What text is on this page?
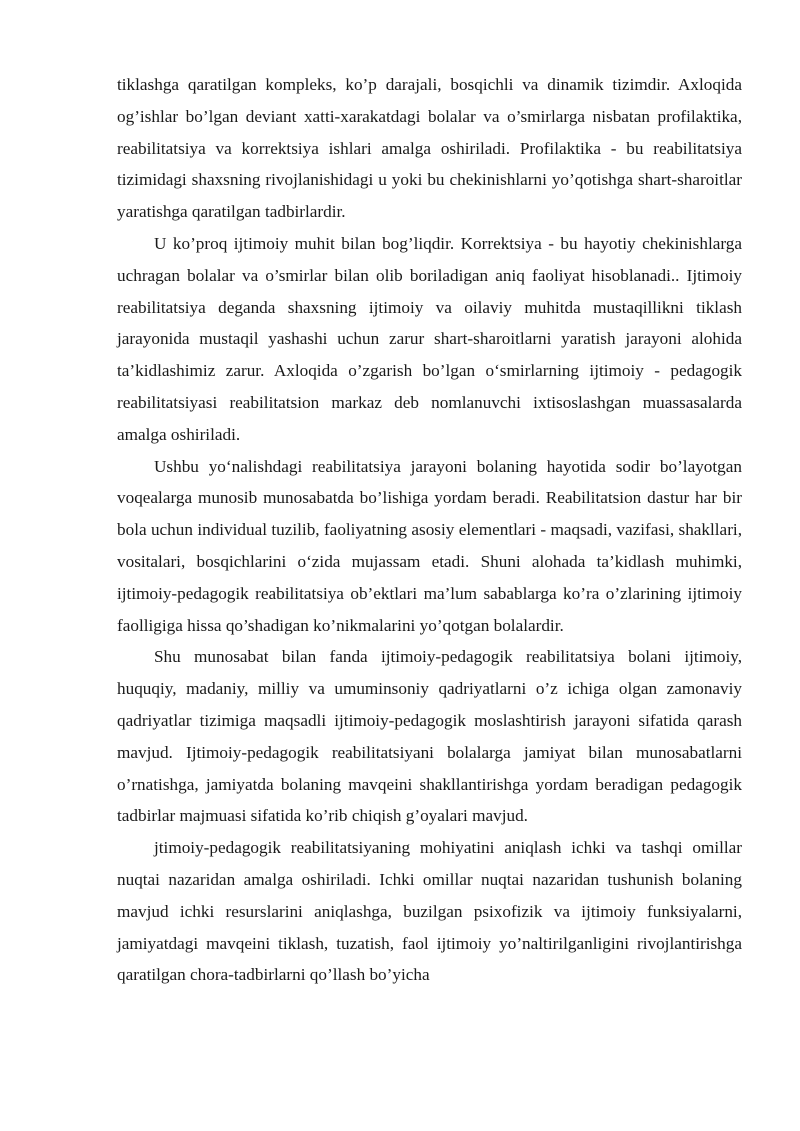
tiklashga qaratilgan kompleks, ko’p darajali, bosqichli va dinamik tizimdir. Axloqida og’ishlar bo’lgan deviant xatti-xarakatdagi bolalar va o’smirlarga nisbatan profilaktika, reabilitatsiya va korrektsiya ishlari amalga oshiriladi. Profilaktika - bu reabilitatsiya tizimidagi shaxsning rivojlanishidagi u yoki bu chekinishlarni yo’qotishga shart-sharoitlar yaratishga qaratilgan tadbirlardir.

U ko’proq ijtimoiy muhit bilan bog’liqdir. Korrektsiya - bu hayotiy chekinishlarga uchragan bolalar va o’smirlar bilan olib boriladigan aniq faoliyat hisoblanadi.. Ijtimoiy reabilitatsiya deganda shaxsning ijtimoiy va oilaviy muhitda mustaqillikni tiklash jarayonida mustaqil yashashi uchun zarur shart-sharoitlarni yaratish jarayoni alohida ta’kidlashimiz zarur. Axloqida o’zgarish bo’lgan o‘smirlarning ijtimoiy - pedagogik reabilitatsiyasi reabilitatsion markaz deb nomlanuvchi ixtisoslashgan muassasalarda amalga oshiriladi.

Ushbu yo‘nalishdagi reabilitatsiya jarayoni bolaning hayotida sodir bo’layotgan voqealarga munosib munosabatda bo’lishiga yordam beradi. Reabilitatsion dastur har bir bola uchun individual tuzilib, faoliyatning asosiy elementlari - maqsadi, vazifasi, shakllari, vositalari, bosqichlarini o‘zida mujassam etadi. Shuni alohada ta’kidlash muhimki, ijtimoiy-pedagogik reabilitatsiya ob’ektlari ma’lum sabablarga ko’ra o’zlarining ijtimoiy faolligiga hissa qo’shadigan ko’nikmalarini yo’qotgan bolalardir.

Shu munosabat bilan fanda ijtimoiy-pedagogik reabilitatsiya bolani ijtimoiy, huquqiy, madaniy, milliy va umuminsoniy qadriyatlarni o’z ichiga olgan zamonaviy qadriyatlar tizimiga maqsadli ijtimoiy-pedagogik moslashtirish jarayoni sifatida qarash mavjud. Ijtimoiy-pedagogik reabilitatsiyani bolalarga jamiyat bilan munosabatlarni o’rnatishga, jamiyatda bolaning mavqeini shakllantirishga yordam beradigan pedagogik tadbirlar majmuasi sifatida ko’rib chiqish g’oyalari mavjud.

jtimoiy-pedagogik reabilitatsiyaning mohiyatini aniqlash ichki va tashqi omillar nuqtai nazaridan amalga oshiriladi. Ichki omillar nuqtai nazaridan tushunish bolaning mavjud ichki resurslarini aniqlashga, buzilgan psixofizik va ijtimoiy funksiyalarni, jamiyatdagi mavqeini tiklash, tuzatish, faol ijtimoiy yo’naltirilganligini rivojlantirishga qaratilgan chora-tadbirlarni qo’llash bo’yicha
